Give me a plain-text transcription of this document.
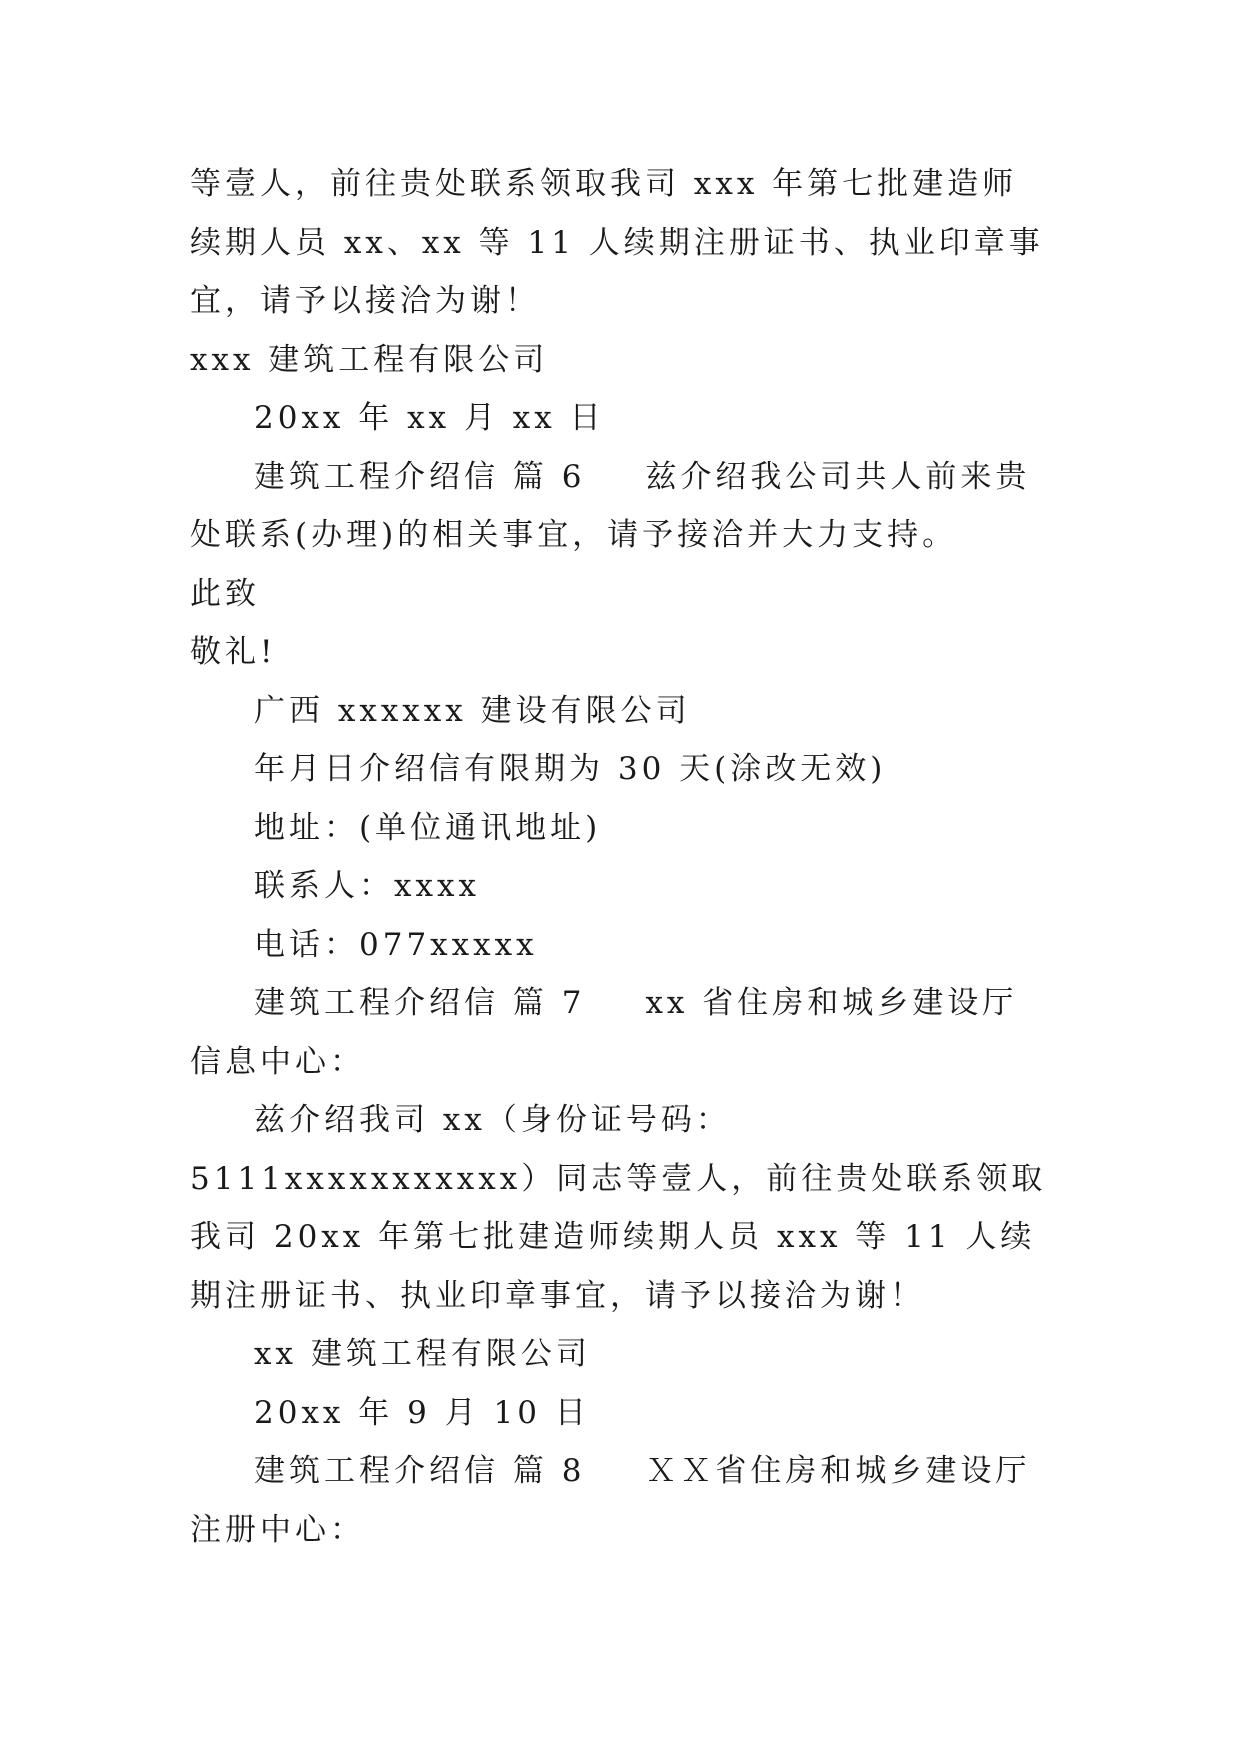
等壹人，前往贵处联系领取我司 xxx 年第七批建造师续期人员 xx、xx 等 11 人续期注册证书、执业印章事宜，请予以接洽为谢！

xxx 建筑工程有限公司

20xx 年 xx 月 xx 日

建筑工程介绍信 篇 6 兹介绍我公司共人前来贵处联系(办理)的相关事宜，请予接洽并大力支持。

此致

敬礼!

广西 xxxxxx 建设有限公司

年月日介绍信有限期为 30 天(涂改无效)

地址：(单位通讯地址)

联系人：xxxx

电话：077xxxxx

建筑工程介绍信 篇 7 xx 省住房和城乡建设厅信息中心：

兹介绍我司 xx（身份证号码：5111xxxxxxxxxxx）同志等壹人，前往贵处联系领取我司 20xx 年第七批建造师续期人员 xxx 等 11 人续期注册证书、执业印章事宜，请予以接洽为谢！

xx 建筑工程有限公司

20xx 年 9 月 10 日

建筑工程介绍信 篇 8 ＸＸ省住房和城乡建设厅注册中心：
